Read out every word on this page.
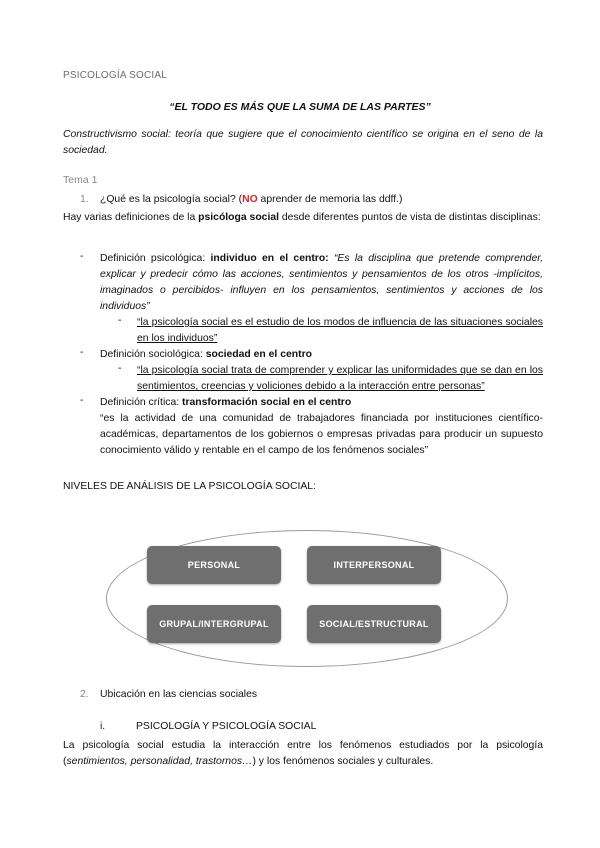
PSICOLOGÍA SOCIAL
“EL TODO ES MÁS QUE LA SUMA DE LAS PARTES”
Constructivismo social: teoría que sugiere que el conocimiento científico se origina en el seno de la sociedad.
Tema 1
1. ¿Qué es la psicología social? (NO aprender de memoria las ddff.)
Hay varias definiciones de la psicóloga social desde diferentes puntos de vista de distintas disciplinas:
-	Definición psicológica: individuo en el centro: “Es la disciplina que pretende comprender, explicar y predecir cómo las acciones, sentimientos y pensamientos de los otros -implícitos, imaginados o percibidos- influyen en los pensamientos, sentimientos y acciones de los individuos”
-	“la psicología social es el estudio de los modos de influencia de las situaciones sociales en los individuos”
-	Definición sociológica: sociedad en el centro
-	“la psicología social trata de comprender y explicar las uniformidades que se dan en los sentimientos, creencias y voliciones debido a la interacción entre personas”
-	Definición crítica: transformación social en el centro
“es la actividad de una comunidad de trabajadores financiada por instituciones científico-académicas, departamentos de los gobiernos o empresas privadas para producir un supuesto conocimiento válido y rentable en el campo de los fenómenos sociales”
NIVELES DE ANÁLISIS DE LA PSICOLOGÍA SOCIAL:
PERSONAL	INTERPERSONAL
GRUPAL/INTERGRUPAL	SOCIAL/ESTRUCTURAL
2. Ubicación en las ciencias sociales
i.	PSICOLOGÍA Y PSICOLOGÍA SOCIAL
La psicología social estudia la interacción entre los fenómenos estudiados por la psicología (sentimientos, personalidad, trastornos…) y los fenómenos sociales y culturales.
